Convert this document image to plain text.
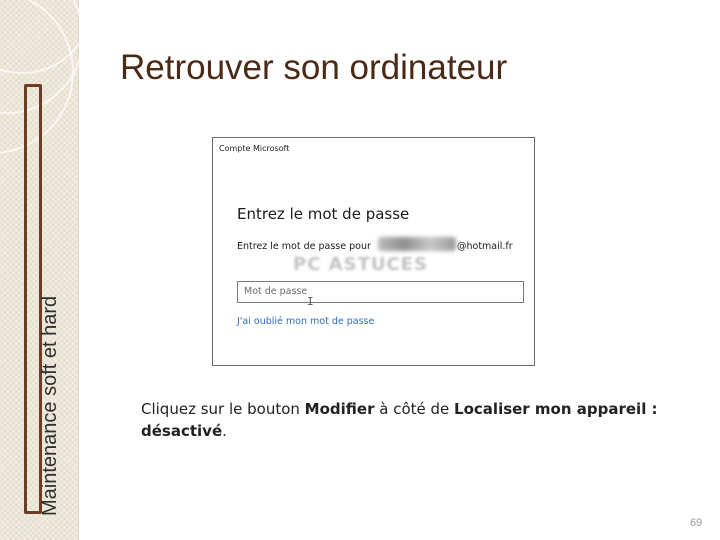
Maintenance soft et hard
Retrouver son ordinateur
Compte Microsoft
Entrez le mot de passe
Entrez le mot de passe pour	@hotmail.fr
PC ASTUCES
Mot de passe
I
J'ai oublié mon mot de passe
Cliquez sur le bouton Modifier à côté de Localiser mon appareil : désactivé.
69
